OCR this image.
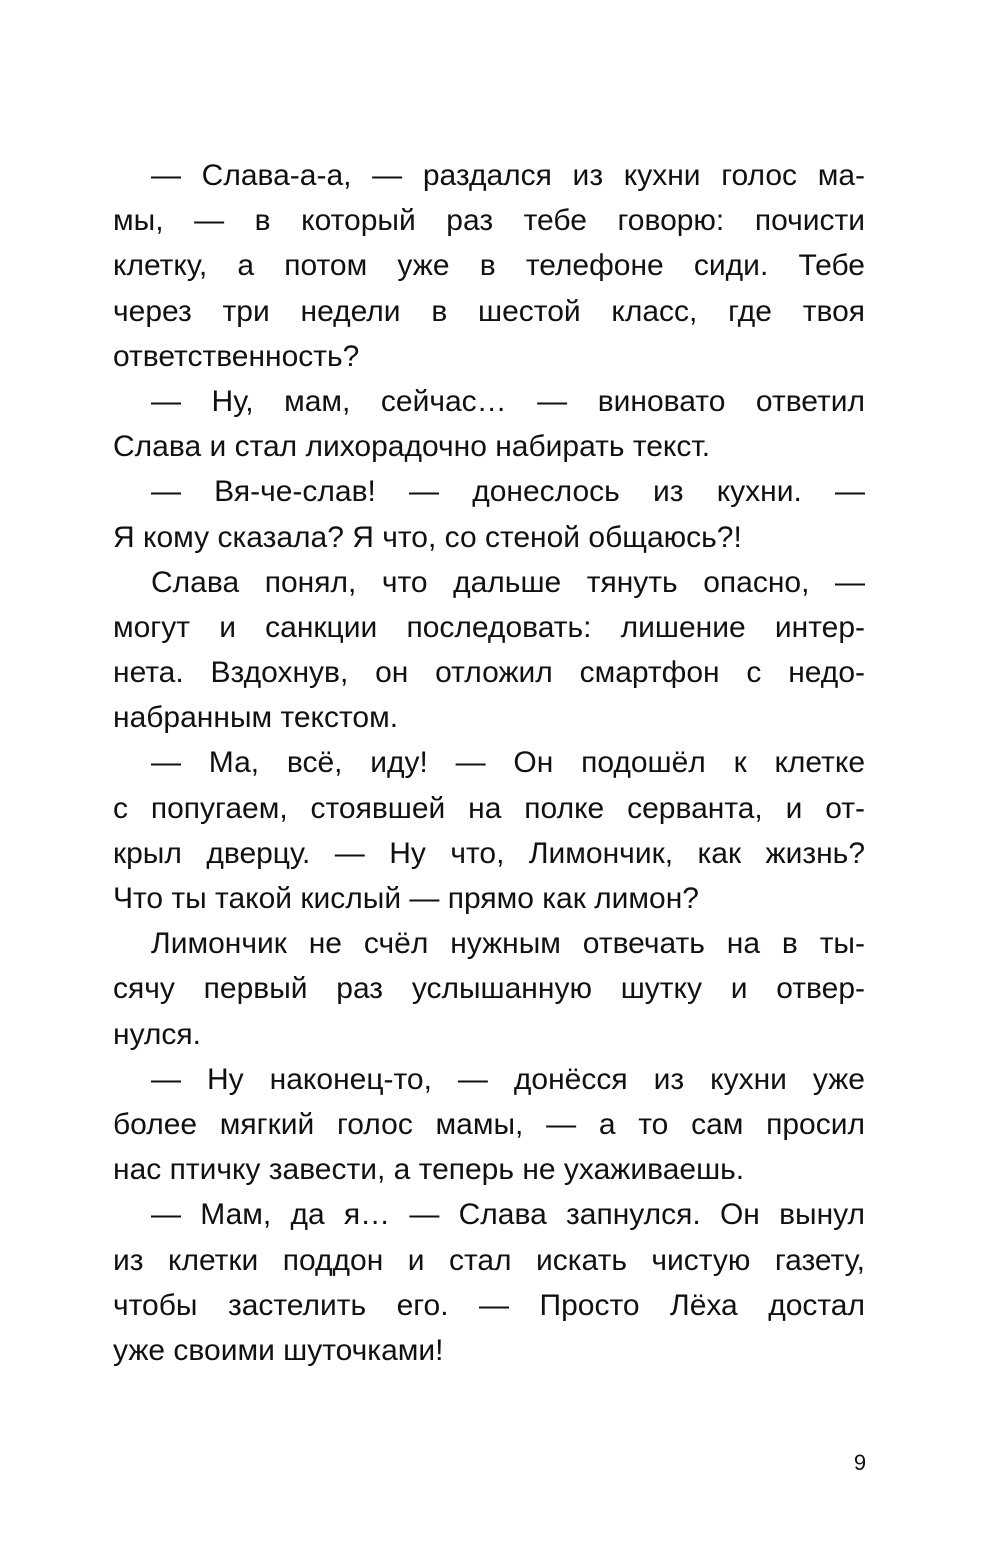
— Слава-а-а, — раздался из кухни голос ма-
мы, — в который раз тебе говорю: почисти
клетку, а потом уже в телефоне сиди. Тебе
через три недели в шестой класс, где твоя
ответственность?
— Ну, мам, сейчас… — виновато ответил
Слава и стал лихорадочно набирать текст.
— Вя-че-слав! — донеслось из кухни. —
Я кому сказала? Я что, со стеной общаюсь?!
Слава понял, что дальше тянуть опасно, —
могут и санкции последовать: лишение интер-
нета. Вздохнув, он отложил смартфон с недо-
набранным текстом.
— Ма, всё, иду! — Он подошёл к клетке
с попугаем, стоявшей на полке серванта, и от-
крыл дверцу. — Ну что, Лимончик, как жизнь?
Что ты такой кислый — прямо как лимон?
Лимончик не счёл нужным отвечать на в ты-
сячу первый раз услышанную шутку и отвер-
нулся.
— Ну наконец-то, — донёсся из кухни уже
более мягкий голос мамы, — а то сам просил
нас птичку завести, а теперь не ухаживаешь.
— Мам, да я… — Слава запнулся. Он вынул
из клетки поддон и стал искать чистую газету,
чтобы застелить его. — Просто Лёха достал
уже своими шуточками!
9
